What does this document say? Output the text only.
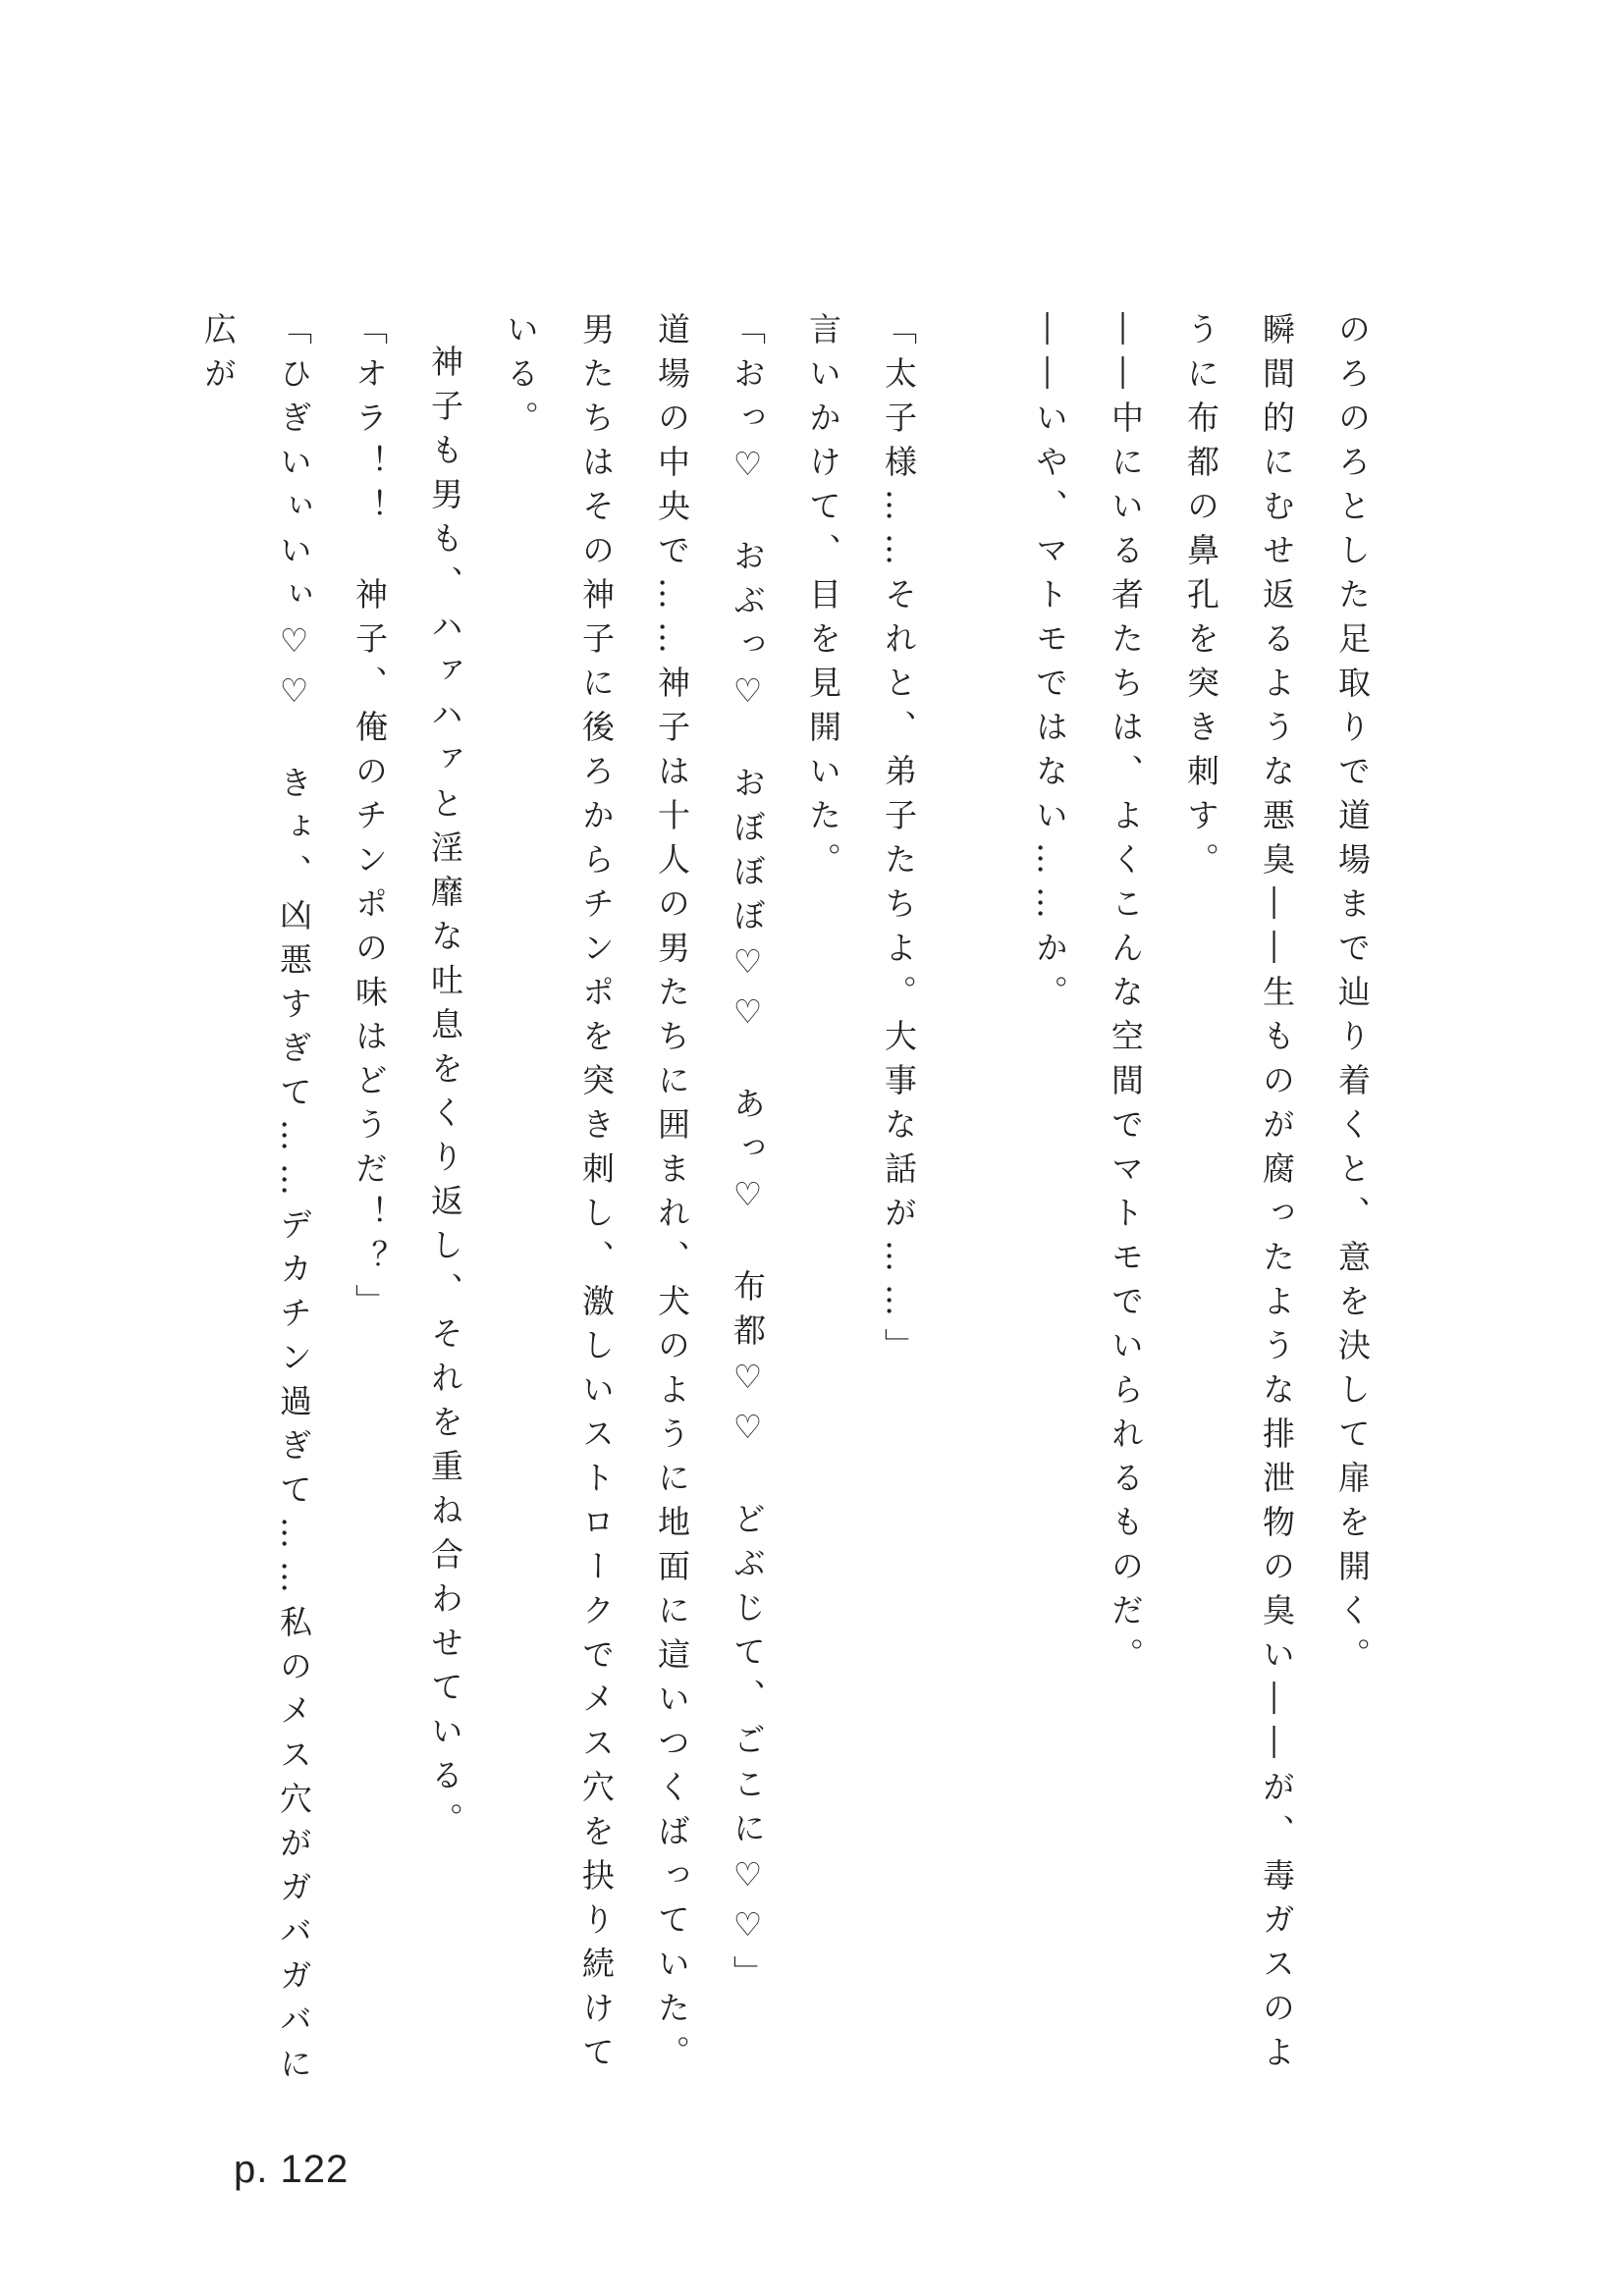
のろのろとした足取りで道場まで辿り着くと、意を決して扉を開く。

瞬間的にむせ返るような悪臭――生ものが腐ったような排泄物の臭い――が、毒ガスのように布都の鼻孔を突き刺す。

――中にいる者たちは、よくこんな空間でマトモでいられるものだ。

――いや、マトモではない……か。

「太子様……それと、弟子たちよ。大事な話が……」

言いかけて、目を見開いた。

「おっ♡　おぶっ♡　おぼぼぼ♡♡　あっ♡　布都♡♡　どぶじて、ごこに♡♡」

道場の中央で……神子は十人の男たちに囲まれ、犬のように地面に這いつくばっていた。

男たちはその神子に後ろからチンポを突き刺し、激しいストロークでメス穴を抉り続けている。

神子も男も、ハァハァと淫靡な吐息をくり返し、それを重ね合わせている。

「オラ！！　神子、俺のチンポの味はどうだ！？」

「ひぎいぃいぃ♡♡　きょ、凶悪すぎて……デカチン過ぎて……私のメス穴がガバガバに広が

p. 122
